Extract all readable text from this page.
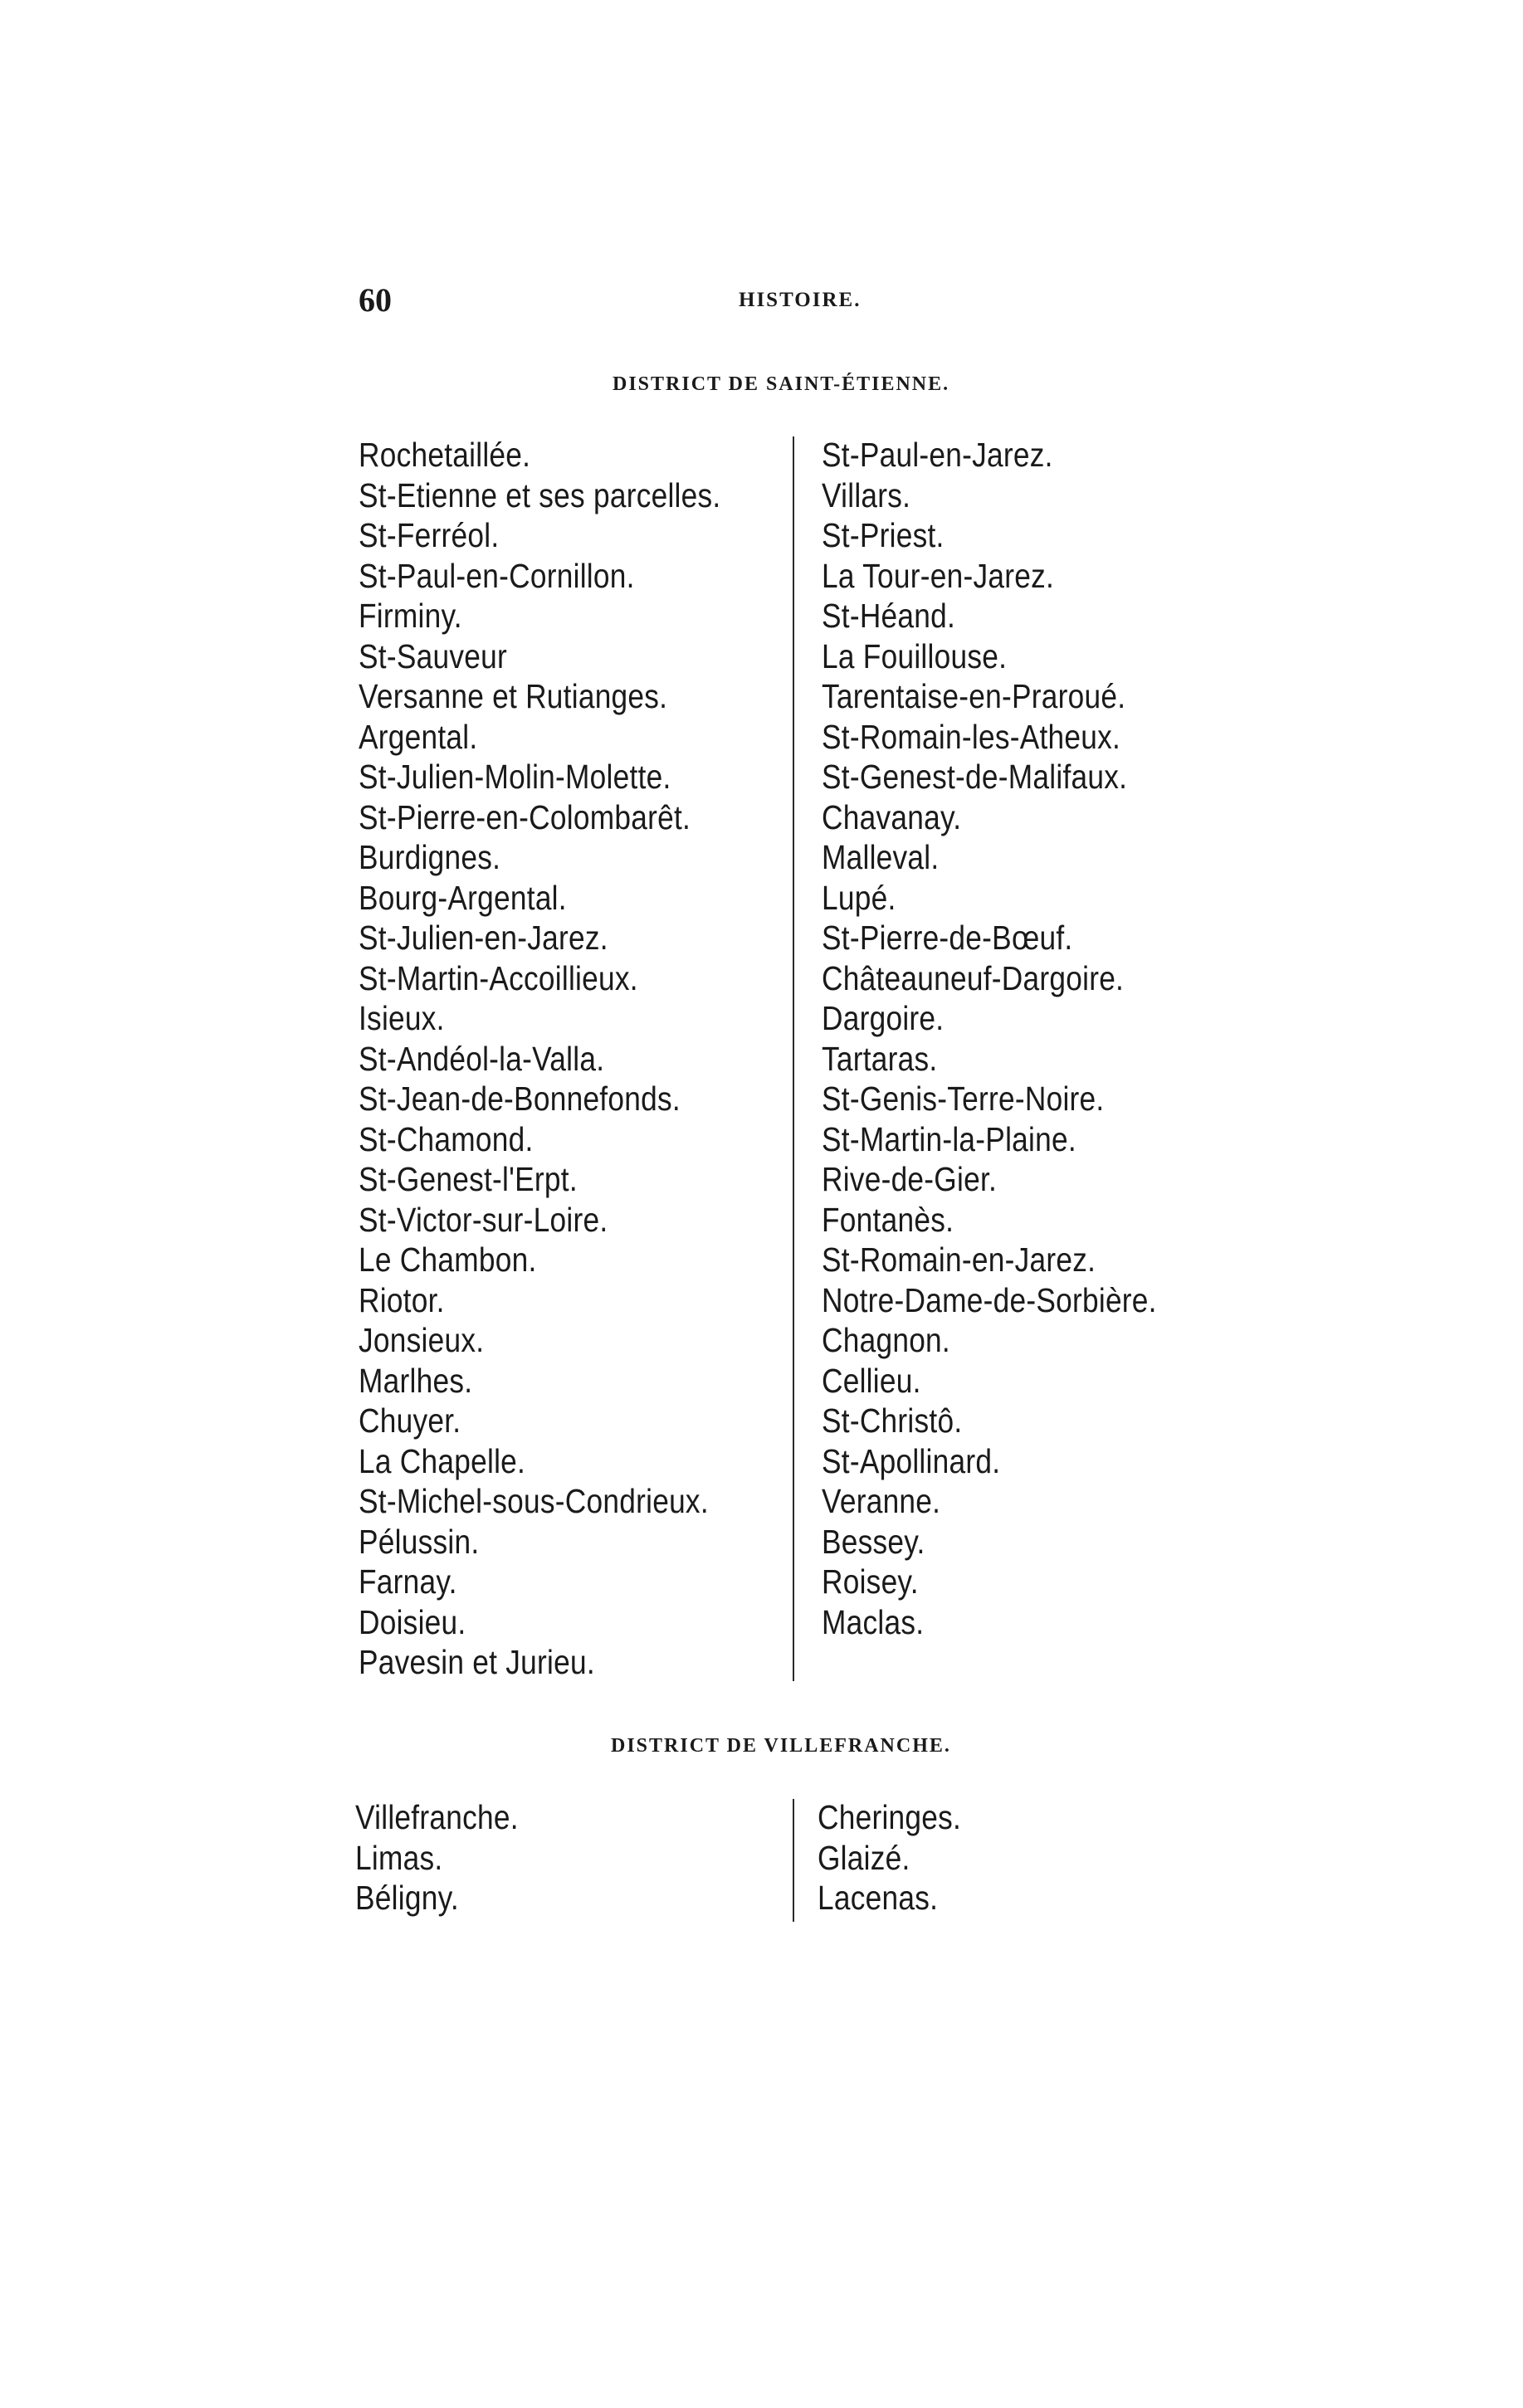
60	HISTOIRE.
DISTRICT DE SAINT-ÉTIENNE.
Rochetaillée.
St-Etienne et ses parcelles.
St-Ferréol.
St-Paul-en-Cornillon.
Firminy.
St-Sauveur
Versanne et Rutianges.
Argental.
St-Julien-Molin-Molette.
St-Pierre-en-Colombarêt.
Burdignes.
Bourg-Argental.
St-Julien-en-Jarez.
St-Martin-Accoillieux.
Isieux.
St-Andéol-la-Valla.
St-Jean-de-Bonnefonds.
St-Chamond.
St-Genest-l'Erpt.
St-Victor-sur-Loire.
Le Chambon.
Riotor.
Jonsieux.
Marlhes.
Chuyer.
La Chapelle.
St-Michel-sous-Condrieux.
Pélussin.
Farnay.
Doisieu.
Pavesin et Jurieu.
St-Paul-en-Jarez.
Villars.
St-Priest.
La Tour-en-Jarez.
St-Héand.
La Fouillouse.
Tarentaise-en-Praroué.
St-Romain-les-Atheux.
St-Genest-de-Malifaux.
Chavanay.
Malleval.
Lupé.
St-Pierre-de-Bœuf.
Châteauneuf-Dargoire.
Dargoire.
Tartaras.
St-Genis-Terre-Noire.
St-Martin-la-Plaine.
Rive-de-Gier.
Fontanès.
St-Romain-en-Jarez.
Notre-Dame-de-Sorbière.
Chagnon.
Cellieu.
St-Christô.
St-Apollinard.
Veranne.
Bessey.
Roisey.
Maclas.
DISTRICT DE VILLEFRANCHE.
Villefranche.
Limas.
Béligny.
Cheringes.
Glaizé.
Lacenas.
